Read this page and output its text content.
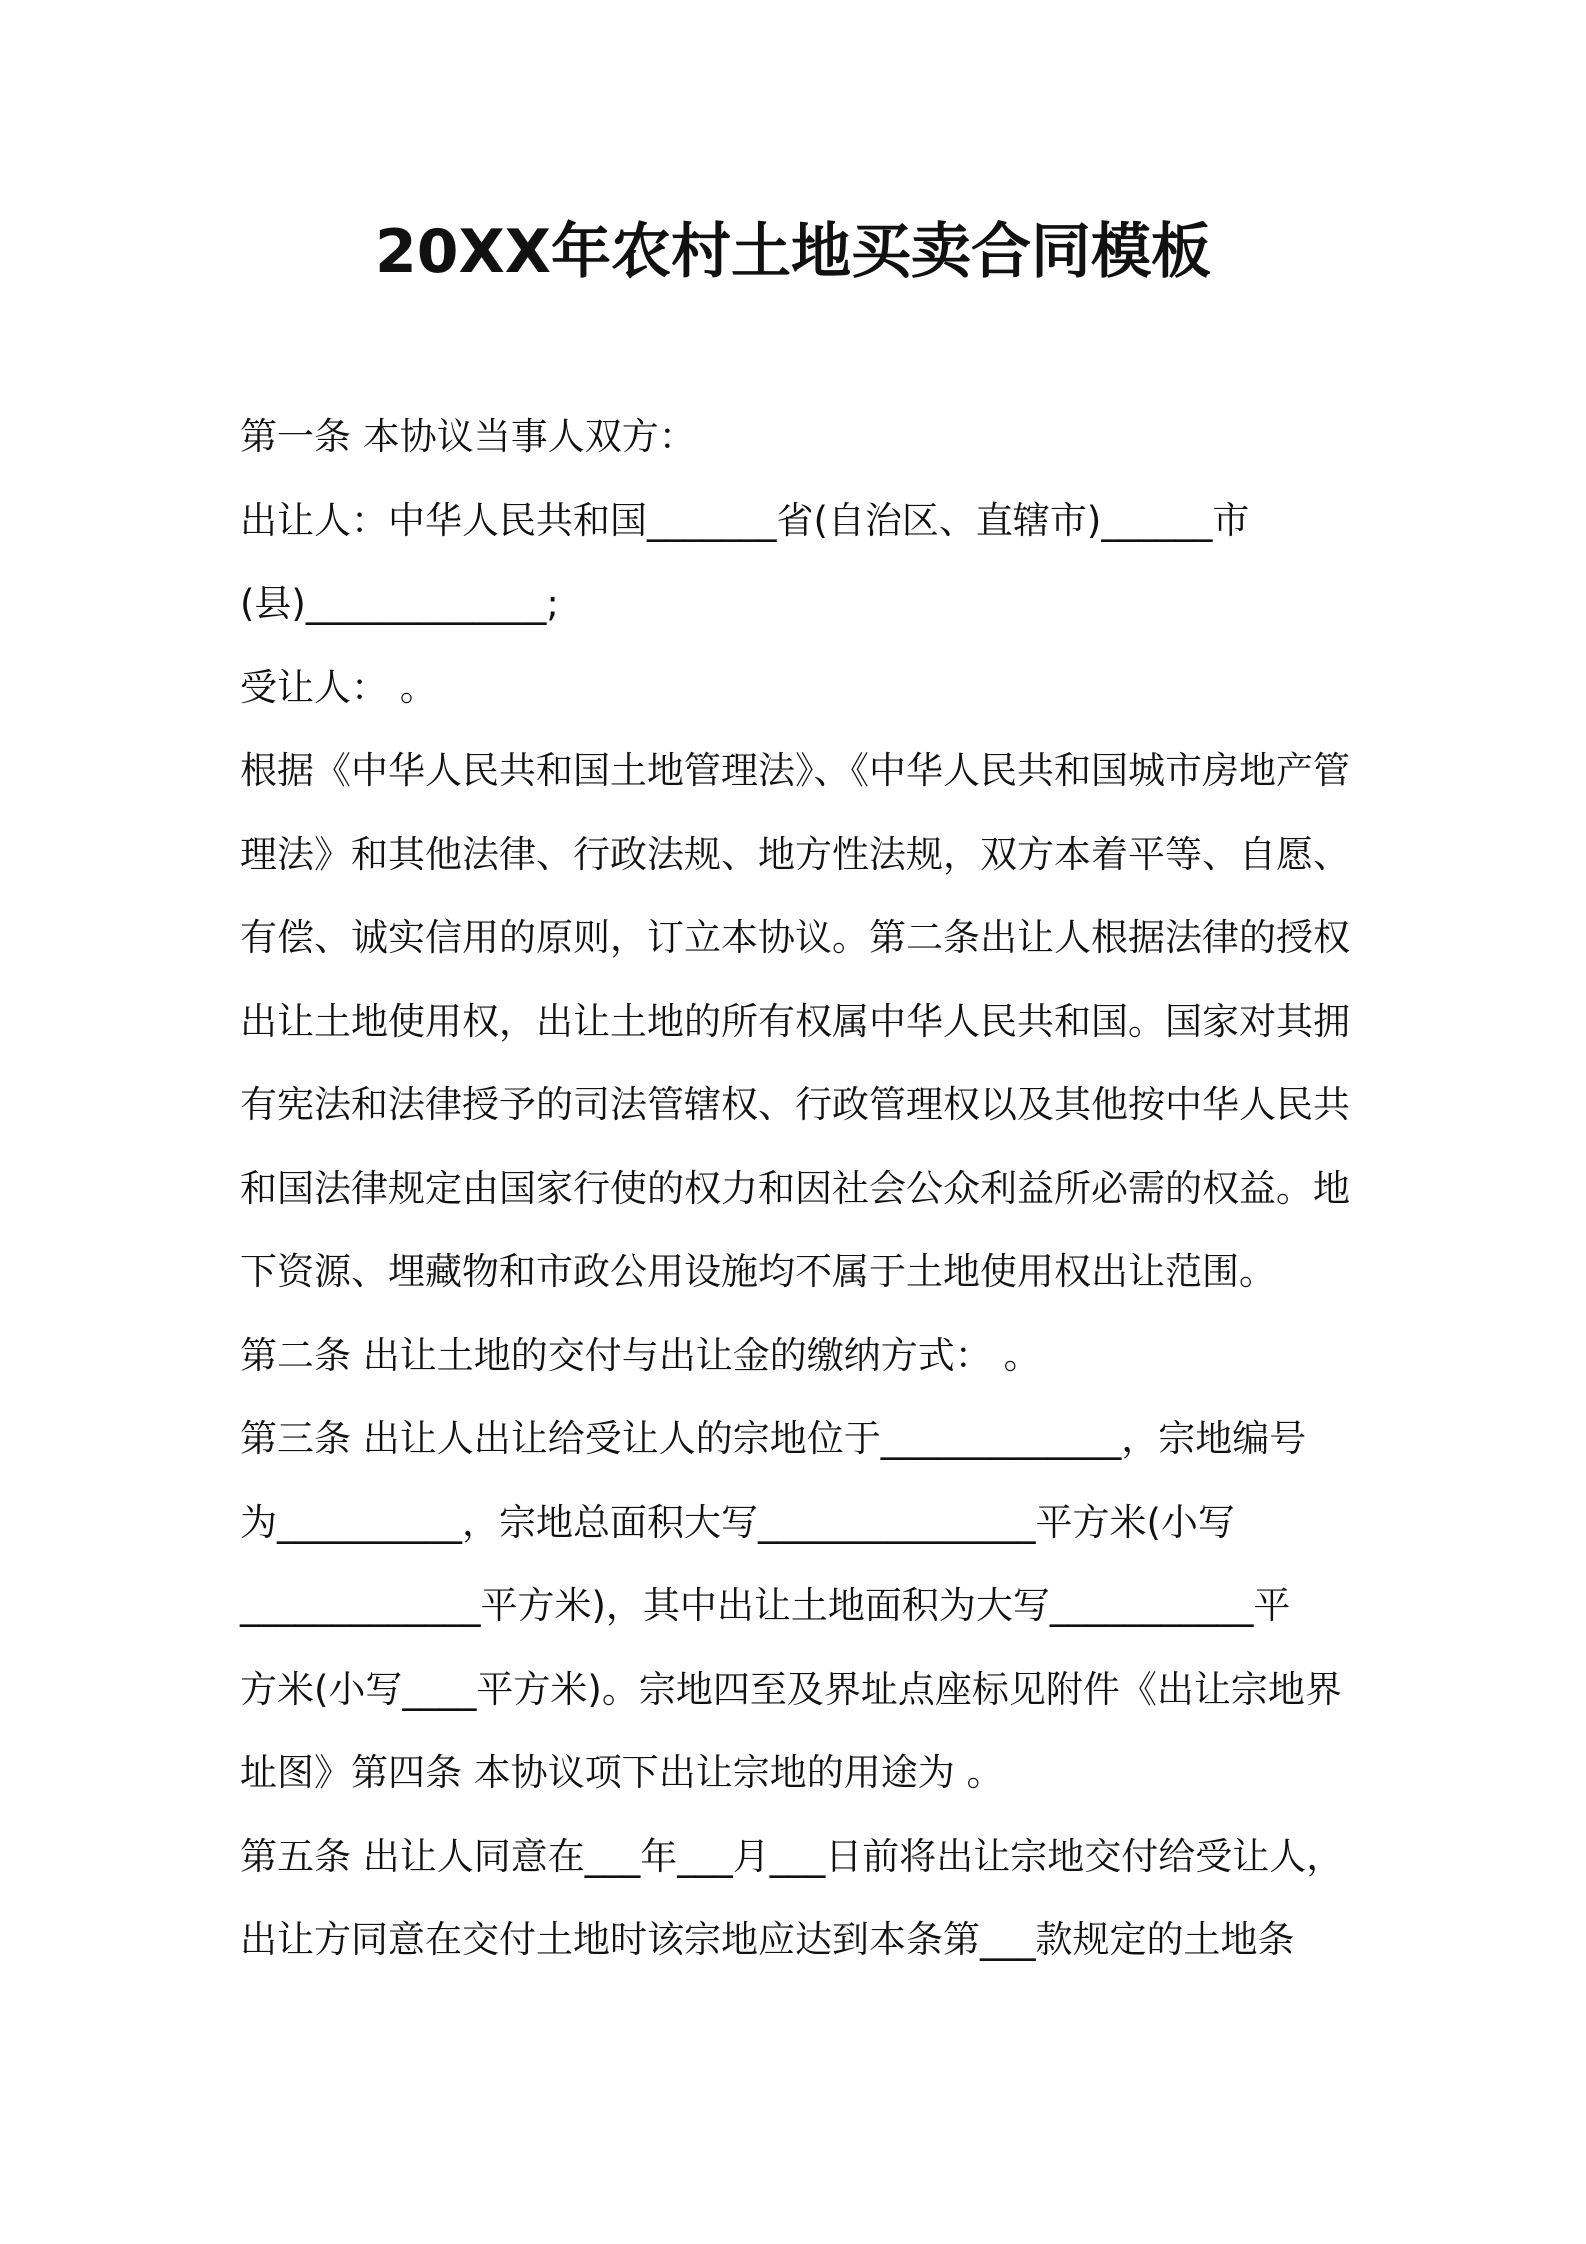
20XX年农村土地买卖合同模板
第一条 本协议当事人双方：
出让人：中华人民共和国_______省(自治区、直辖市)______市
(县)_____________;
受让人： 。
根据《中华人民共和国土地管理法》、《中华人民共和国城市房地产管
理法》和其他法律、行政法规、地方性法规，双方本着平等、自愿、
有偿、诚实信用的原则，订立本协议。第二条出让人根据法律的授权
出让土地使用权，出让土地的所有权属中华人民共和国。国家对其拥
有宪法和法律授予的司法管辖权、行政管理权以及其他按中华人民共
和国法律规定由国家行使的权力和因社会公众利益所必需的权益。地
下资源、埋藏物和市政公用设施均不属于土地使用权出让范围。
第二条 出让土地的交付与出让金的缴纳方式： 。
第三条 出让人出让给受让人的宗地位于_____________，宗地编号
为__________，宗地总面积大写_______________平方米(小写
_____________平方米)，其中出让土地面积为大写___________平
方米(小写____平方米)。宗地四至及界址点座标见附件《出让宗地界
址图》第四条 本协议项下出让宗地的用途为 。
第五条 出让人同意在___年___月___日前将出让宗地交付给受让人，
出让方同意在交付土地时该宗地应达到本条第___款规定的土地条
